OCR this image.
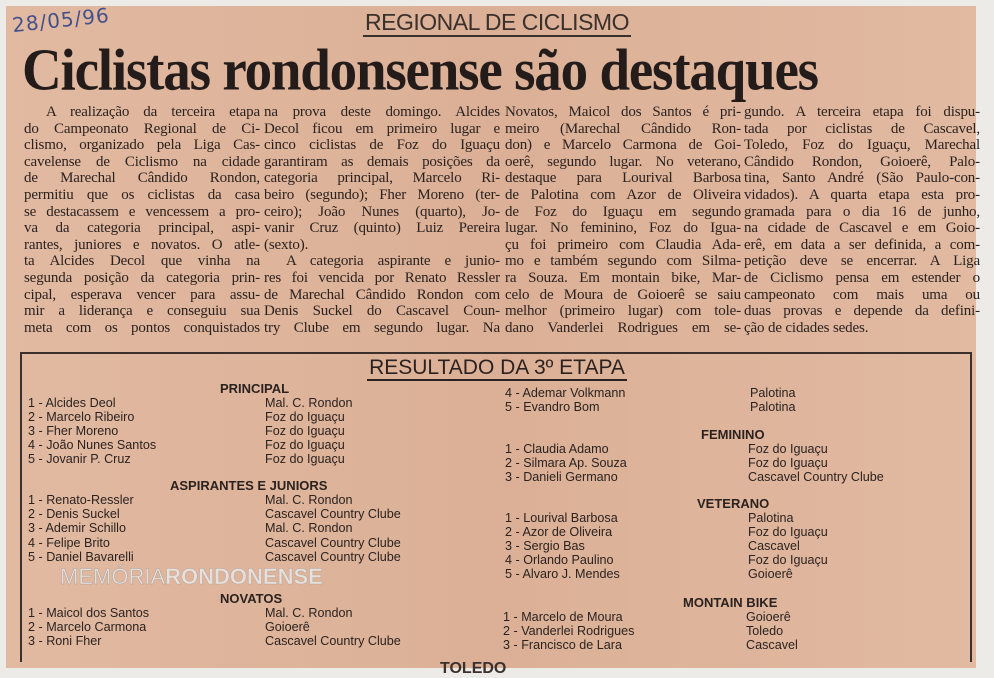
28/05/96	REGIONAL DE CICLISMO
Ciclistas rondonsense são destaques
A realização da terceira etapa
do Campeonato Regional de Ci-
clismo, organizado pela Liga Cas-
cavelense de Ciclismo na cidade
de Marechal Cândido Rondon,
permitiu que os ciclistas da casa
se destacassem e vencessem a pro-
va da categoria principal, aspi-
rantes, juniores e novatos. O atle-
ta Alcides Decol que vinha na
segunda posição da categoria prin-
cipal, esperava vencer para assu-
mir a liderança e conseguiu sua
meta com os pontos conquistados
na prova deste domingo. Alcides
Decol ficou em primeiro lugar e
cinco ciclistas de Foz do Iguaçu
garantiram as demais posições da
categoria principal, Marcelo Ri-
beiro (segundo); Fher Moreno (ter-
ceiro); João Nunes (quarto), Jo-
vanir Cruz (quinto) Luiz Pereira
(sexto).
A categoria aspirante e junio-
res foi vencida por Renato Ressler
de Marechal Cândido Rondon com
Denis Suckel do Cascavel Coun-
try Clube em segundo lugar. Na
Novatos, Maicol dos Santos é pri-
meiro (Marechal Cândido Ron-
don) e Marcelo Carmona de Goi-
oerê, segundo lugar. No veterano,
destaque para Lourival Barbosa
de Palotina com Azor de Oliveira
de Foz do Iguaçu em segundo
lugar. No feminino, Foz do Igua-
çu foi primeiro com Claudia Ada-
mo e também segundo com Silma-
ra Souza. Em montain bike, Mar-
celo de Moura de Goioerê se saiu
melhor (primeiro lugar) com tole-
dano Vanderlei Rodrigues em se-
gundo. A terceira etapa foi dispu-
tada por ciclistas de Cascavel,
Toledo, Foz do Iguaçu, Marechal
Cândido Rondon, Goioerê, Palo-
tina, Santo André (São Paulo-con-
vidados). A quarta etapa esta pro-
gramada para o dia 16 de junho,
na cidade de Cascavel e em Goio-
erê, em data a ser definida, a com-
petição deve se encerrar. A Liga
de Ciclismo pensa em estender o
campeonato com mais uma ou
duas provas e depende da defini-
ção de cidades sedes.
RESULTADO DA 3º ETAPA
PRINCIPAL
1 - Alcides Deol	Mal. C. Rondon
2 - Marcelo Ribeiro	Foz do Iguaçu
3 - Fher Moreno	Foz do Iguaçu
4 - João Nunes Santos	Foz do Iguaçu
5 - Jovanir P. Cruz	Foz do Iguaçu
ASPIRANTES E JUNIORS
1 - Renato-Ressler	Mal. C. Rondon
2 - Denis Suckel	Cascavel Country Clube
3 - Ademir Schillo	Mal. C. Rondon
4 - Felipe Brito	Cascavel Country Clube
5 - Daniel Bavarelli	Cascavel Country Clube
NOVATOS
1 - Maicol dos Santos	Mal. C. Rondon
2 - Marcelo Carmona	Goioerê
3 - Roni Fher	Cascavel Country Clube
4 - Ademar Volkmann	Palotina
5 - Evandro Bom	Palotina
FEMININO
1 - Claudia Adamo	Foz do Iguaçu
2 - Silmara Ap. Souza	Foz do Iguaçu
3 - Danieli Germano	Cascavel Country Clube
VETERANO
1 - Lourival Barbosa	Palotina
2 - Azor de Oliveira	Foz do Iguaçu
3 - Sergio Bas	Cascavel
4 - Orlando Paulino	Foz do Iguaçu
5 - Alvaro J. Mendes	Goioerê
MONTAIN BIKE
1 - Marcelo de Moura	Goioerê
2 - Vanderlei Rodrigues	Toledo
3 - Francisco de Lara	Cascavel
MEMÓRIARONDONENSE
TOLEDO
